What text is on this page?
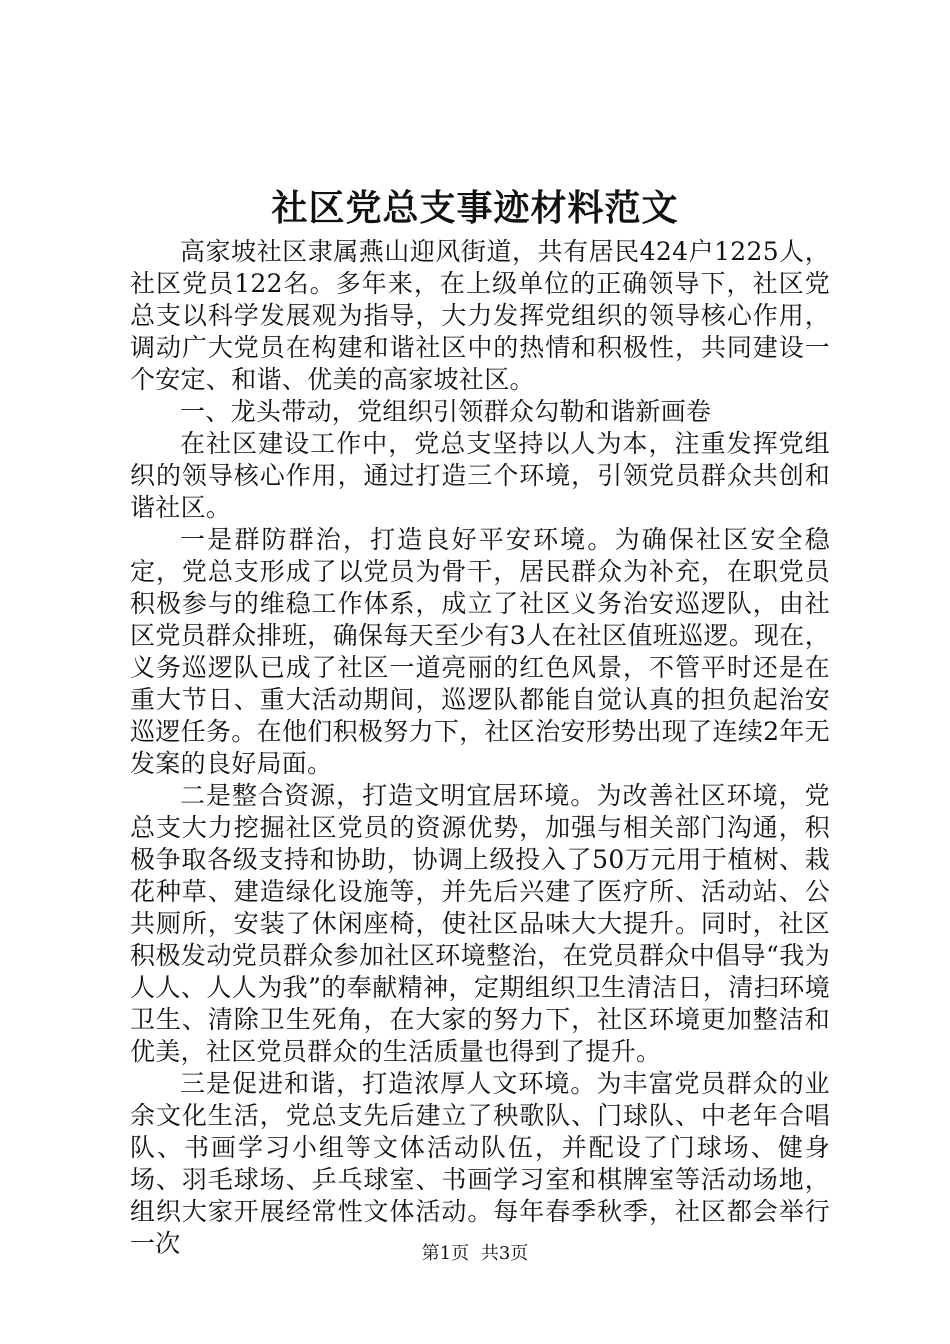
社区党总支事迹材料范文

高家坡社区隶属燕山迎风街道，共有居民424户1225人，社区党员122名。多年来，在上级单位的正确领导下，社区党总支以科学发展观为指导，大力发挥党组织的领导核心作用，调动广大党员在构建和谐社区中的热情和积极性，共同建设一个安定、和谐、优美的高家坡社区。

一、龙头带动，党组织引领群众勾勒和谐新画卷

在社区建设工作中，党总支坚持以人为本，注重发挥党组织的领导核心作用，通过打造三个环境，引领党员群众共创和谐社区。

一是群防群治，打造良好平安环境。为确保社区安全稳定，党总支形成了以党员为骨干，居民群众为补充，在职党员积极参与的维稳工作体系，成立了社区义务治安巡逻队，由社区党员群众排班，确保每天至少有3人在社区值班巡逻。现在，义务巡逻队已成了社区一道亮丽的红色风景，不管平时还是在重大节日、重大活动期间，巡逻队都能自觉认真的担负起治安巡逻任务。在他们积极努力下，社区治安形势出现了连续2年无发案的良好局面。

二是整合资源，打造文明宜居环境。为改善社区环境，党总支大力挖掘社区党员的资源优势，加强与相关部门沟通，积极争取各级支持和协助，协调上级投入了50万元用于植树、栽花种草、建造绿化设施等，并先后兴建了医疗所、活动站、公共厕所，安装了休闲座椅，使社区品味大大提升。同时，社区积极发动党员群众参加社区环境整治，在党员群众中倡导“我为人人、人人为我”的奉献精神，定期组织卫生清洁日，清扫环境卫生、清除卫生死角，在大家的努力下，社区环境更加整洁和优美，社区党员群众的生活质量也得到了提升。

三是促进和谐，打造浓厚人文环境。为丰富党员群众的业余文化生活，党总支先后建立了秧歌队、门球队、中老年合唱队、书画学习小组等文体活动队伍，并配设了门球场、健身场、羽毛球场、乒乓球室、书画学习室和棋牌室等活动场地，组织大家开展经常性文体活动。每年春季秋季，社区都会举行一次	第1页 共3页
